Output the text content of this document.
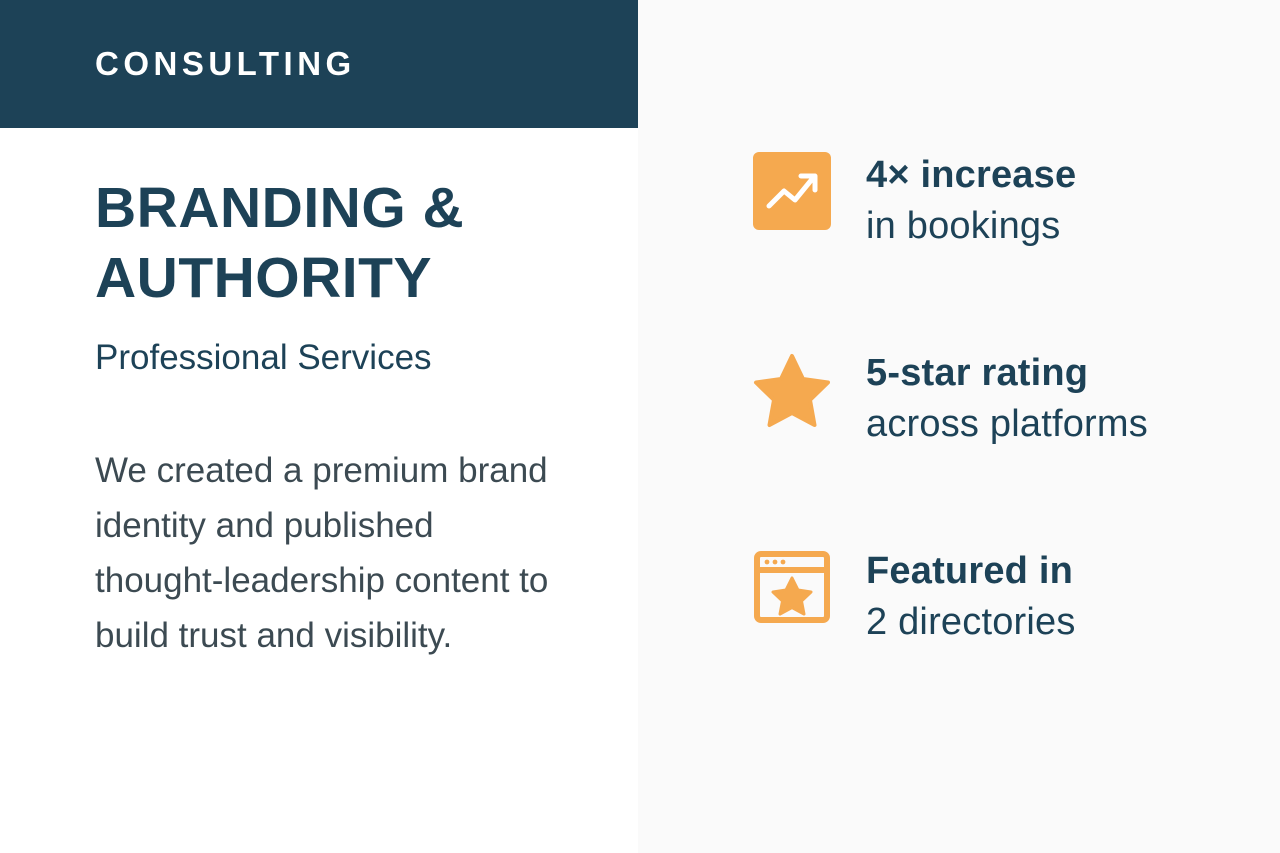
CONSULTING
BRANDING & AUTHORITY
Professional Services

We created a premium brand identity and published thought-leadership content to build trust and visibility.

4× increase
in bookings
5-star rating
across platforms
Featured in
2 directories
